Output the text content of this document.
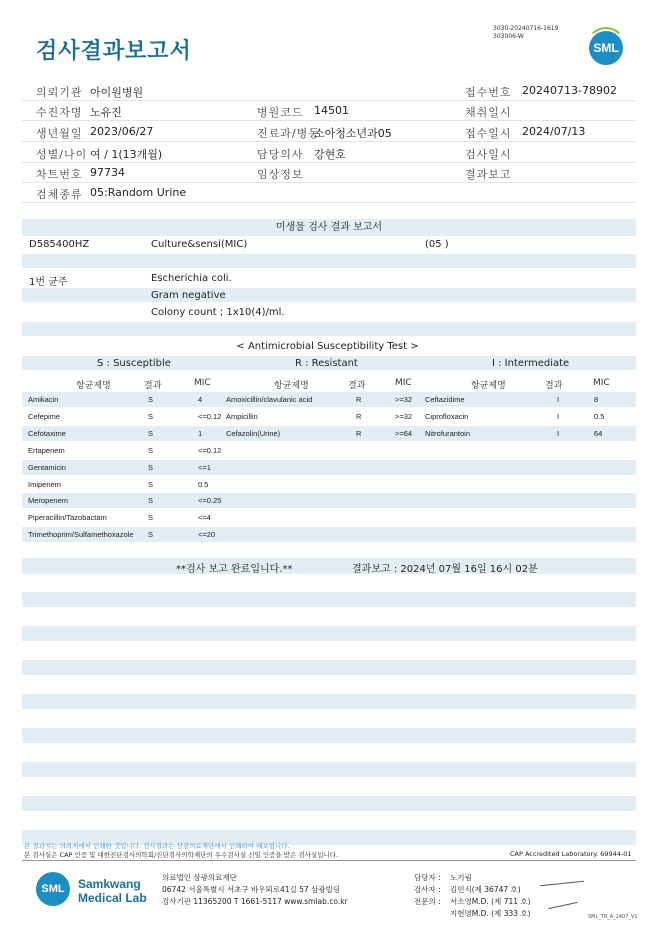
검사결과보고서
3030-20240716-1619
303006-W
SML
의뢰기관 아이원병원	접수번호 20240713-78902
수진자명 노유진	병원코드 14501	채취일시
생년월일 2023/06/27	진료과/병동
소아청소년과05	접수일시 2024/07/13
성별/나이 여 / 1(13개월)	담당의사 강현호	검사일시
차트번호 97734	임상정보	결과보고
검체종류 05:Random Urine
미생물 검사 결과 보고서
D585400HZ	Culture&sensi(MIC)	(05 )
1번 균주	Escherichia coli.
Gram negative
Colony count ; 1x10(4)/ml.
< Antimicrobial Susceptibility Test >
S : Susceptible	R : Resistant	I : Intermediate
항균제명	결과	MIC	항균제명	결과	MIC	항균제명	결과	MIC
Amikacin	S	4	Amoxicillin/clavulanic acid	R	>=32 Ceftazidime	I	8
Cefepime	S	<=0.12 Ampicillin	R	>=32 Ciprofloxacin	I	0.5
Cefotaxime	S	1	Cefazolin(Urine)	R	>=64 Nitrofurantoin	I	64
Ertapenem	S	<=0.12
Gentamicin	S	<=1
Imipenem	S	0.5
Meropenem	S	<=0.25
Piperacillin/Tazobactam	S	<=4
Trimethoprim/Sulfamethoxazole S	<=20
**검사 보고 완료입니다.**	결과보고 : 2024년 07월 16일 16시 02분
본 결과지는 의뢰처에서 인쇄한 것입니다. 검사결과는 삼광의료재단에서 인쇄하여 배포됩니다.
본 검사실은 CAP 인증 및 대한진단검사의학회/진단검사의학재단의 우수검사실 신임 인증을 받은 검사실입니다.	CAP Accredited Laboratory. 69944-01
SML	Samkwang
Medical Lab
의료법인 삼광의료재단
06742 서울특별시 서초구 바우뫼로41길 57 삼광빌딩
검사기관 11365200 T 1661-5117 www.smlab.co.kr
담당자 : 노기림
검사자 : 김민식(제 36747 호)
전문의 : 서소영M.D. (제 711 호)
지현영M.D. (제 333 호)	SML_TR_A_2407_V1
